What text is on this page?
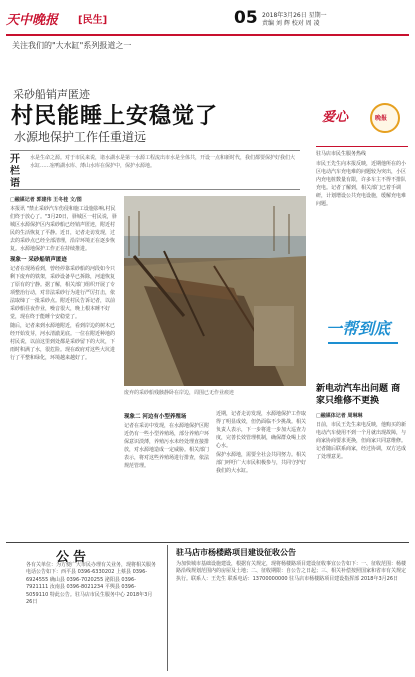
天中晚报	[民生]	05 2018年3月26日 星期一
责编 刘 辉 校对 周 凌
关注我们的"大水缸"系列报道之一
采砂船销声匿迹
村民能睡上安稳觉了
水源地保护工作任重道远
开栏语
水是生命之源。对于市民来说，诸水湖水是第一水源工程流出市水是全体共，开设一点和新时代，我们都要保护好我们大水缸……宿鸭湖水库、薄山水库在保护中，保护水源地。

□融媒记者 郭建伟 王冬桂 文/图

本报讯 "禁止采砂汽车伤侵和施工设施影响,村民们终于放心了。"3月20日，驿城区一村民说，驿城区水源保护区内采砂船已经销声匿迹，附近村民的生活恢复了平静。近日，记者走访发现，过去的采砂点已经全部清理，沿岸环境正在逐步恢复。水源地保护工作正在持续推进。

现象一 采砂船销声匿迹

记者在现场看到，曾经停靠采砂船的河段如今只剩下废弃的铁架，采砂设备早已拆除，河道恢复了原有的宁静。据了解，相关部门组织开展了专项整治行动，对非法采砂行为进行严厉打击，依法取缔了一批采砂点。附近村民告诉记者，以前采砂船昼夜作业，噪音很大，晚上根本睡不好觉，现在终于能睡个安稳觉了。

随后，记者来到水源地附近，看到岸边的树木已经开始发芽，河水清澈见底。一位在附近种地的村民说，以前这里到处都是采砂留下的大坑，下雨时积满了水，很危险。现在政府对这些大坑进行了平整和绿化，环境越来越好了。

废弃的采砂船残骸静卧在岸边，周围已无作业痕迹

现象二 河边有小型养殖场

记者在采访中发现，在水源地保护区附近仍有一些小型养殖场，部分养殖户环保意识淡薄，养殖污水未经处理直接排放，对水源地造成一定威胁。相关部门表示，将对这些养殖场进行排查，依法规范管理。

近期，记者走访发现，水源地保护工作取得了明显成效，但仍面临不少挑战。相关负责人表示，下一步将进一步加大巡查力度，完善长效管理机制，确保群众喝上放心水。

保护水源地，需要全社会共同努力。相关部门呼吁广大市民积极参与，共同守护好我们的大水缸。

爱心	晚报
驻马店市民生服务热线

市民王先生向本报反映，近期他所在的小区电动汽车充电难的问题较为突出，小区内充电桩数量有限，许多车主不得不排队充电。记者了解到，相关部门已着手调研，计划增设公共充电设施，缓解充电难问题。

一帮到底
新电动汽车出问题 商家只维修不更换

□融媒体记者 周琳琳

日前，市民王先生来电反映，他购买的新电动汽车使用不到一个月就出现故障，与商家协商要求更换，但商家只同意维修。记者随后联系商家，经过协调，双方达成了处理意见。

公告
各有关单位：为方便广大市民办理有关业务，现将相关服务电话公告如下：西平县 0396-6330202 上蔡县 0396-6924555 确山县 0396-7020255 泌阳县 0396-7921111 汝南县 0396-8021234 平舆县 0396-5059110 特此公告。驻马店市民生服务中心 2018年3月26日
驻马店市杨楼路项目建设征收公告
为加快城市基础设施建设，根据有关规定，现将杨楼路项目建设征收事宜公告如下：一、征收范围：杨楼路沿线规划范围内的房屋及土地；二、征收期限：自公告之日起；三、相关补偿按照国家和省市有关规定执行。联系人：王先生 联系电话：13700000000 驻马店市杨楼路项目建设指挥部 2018年3月26日
